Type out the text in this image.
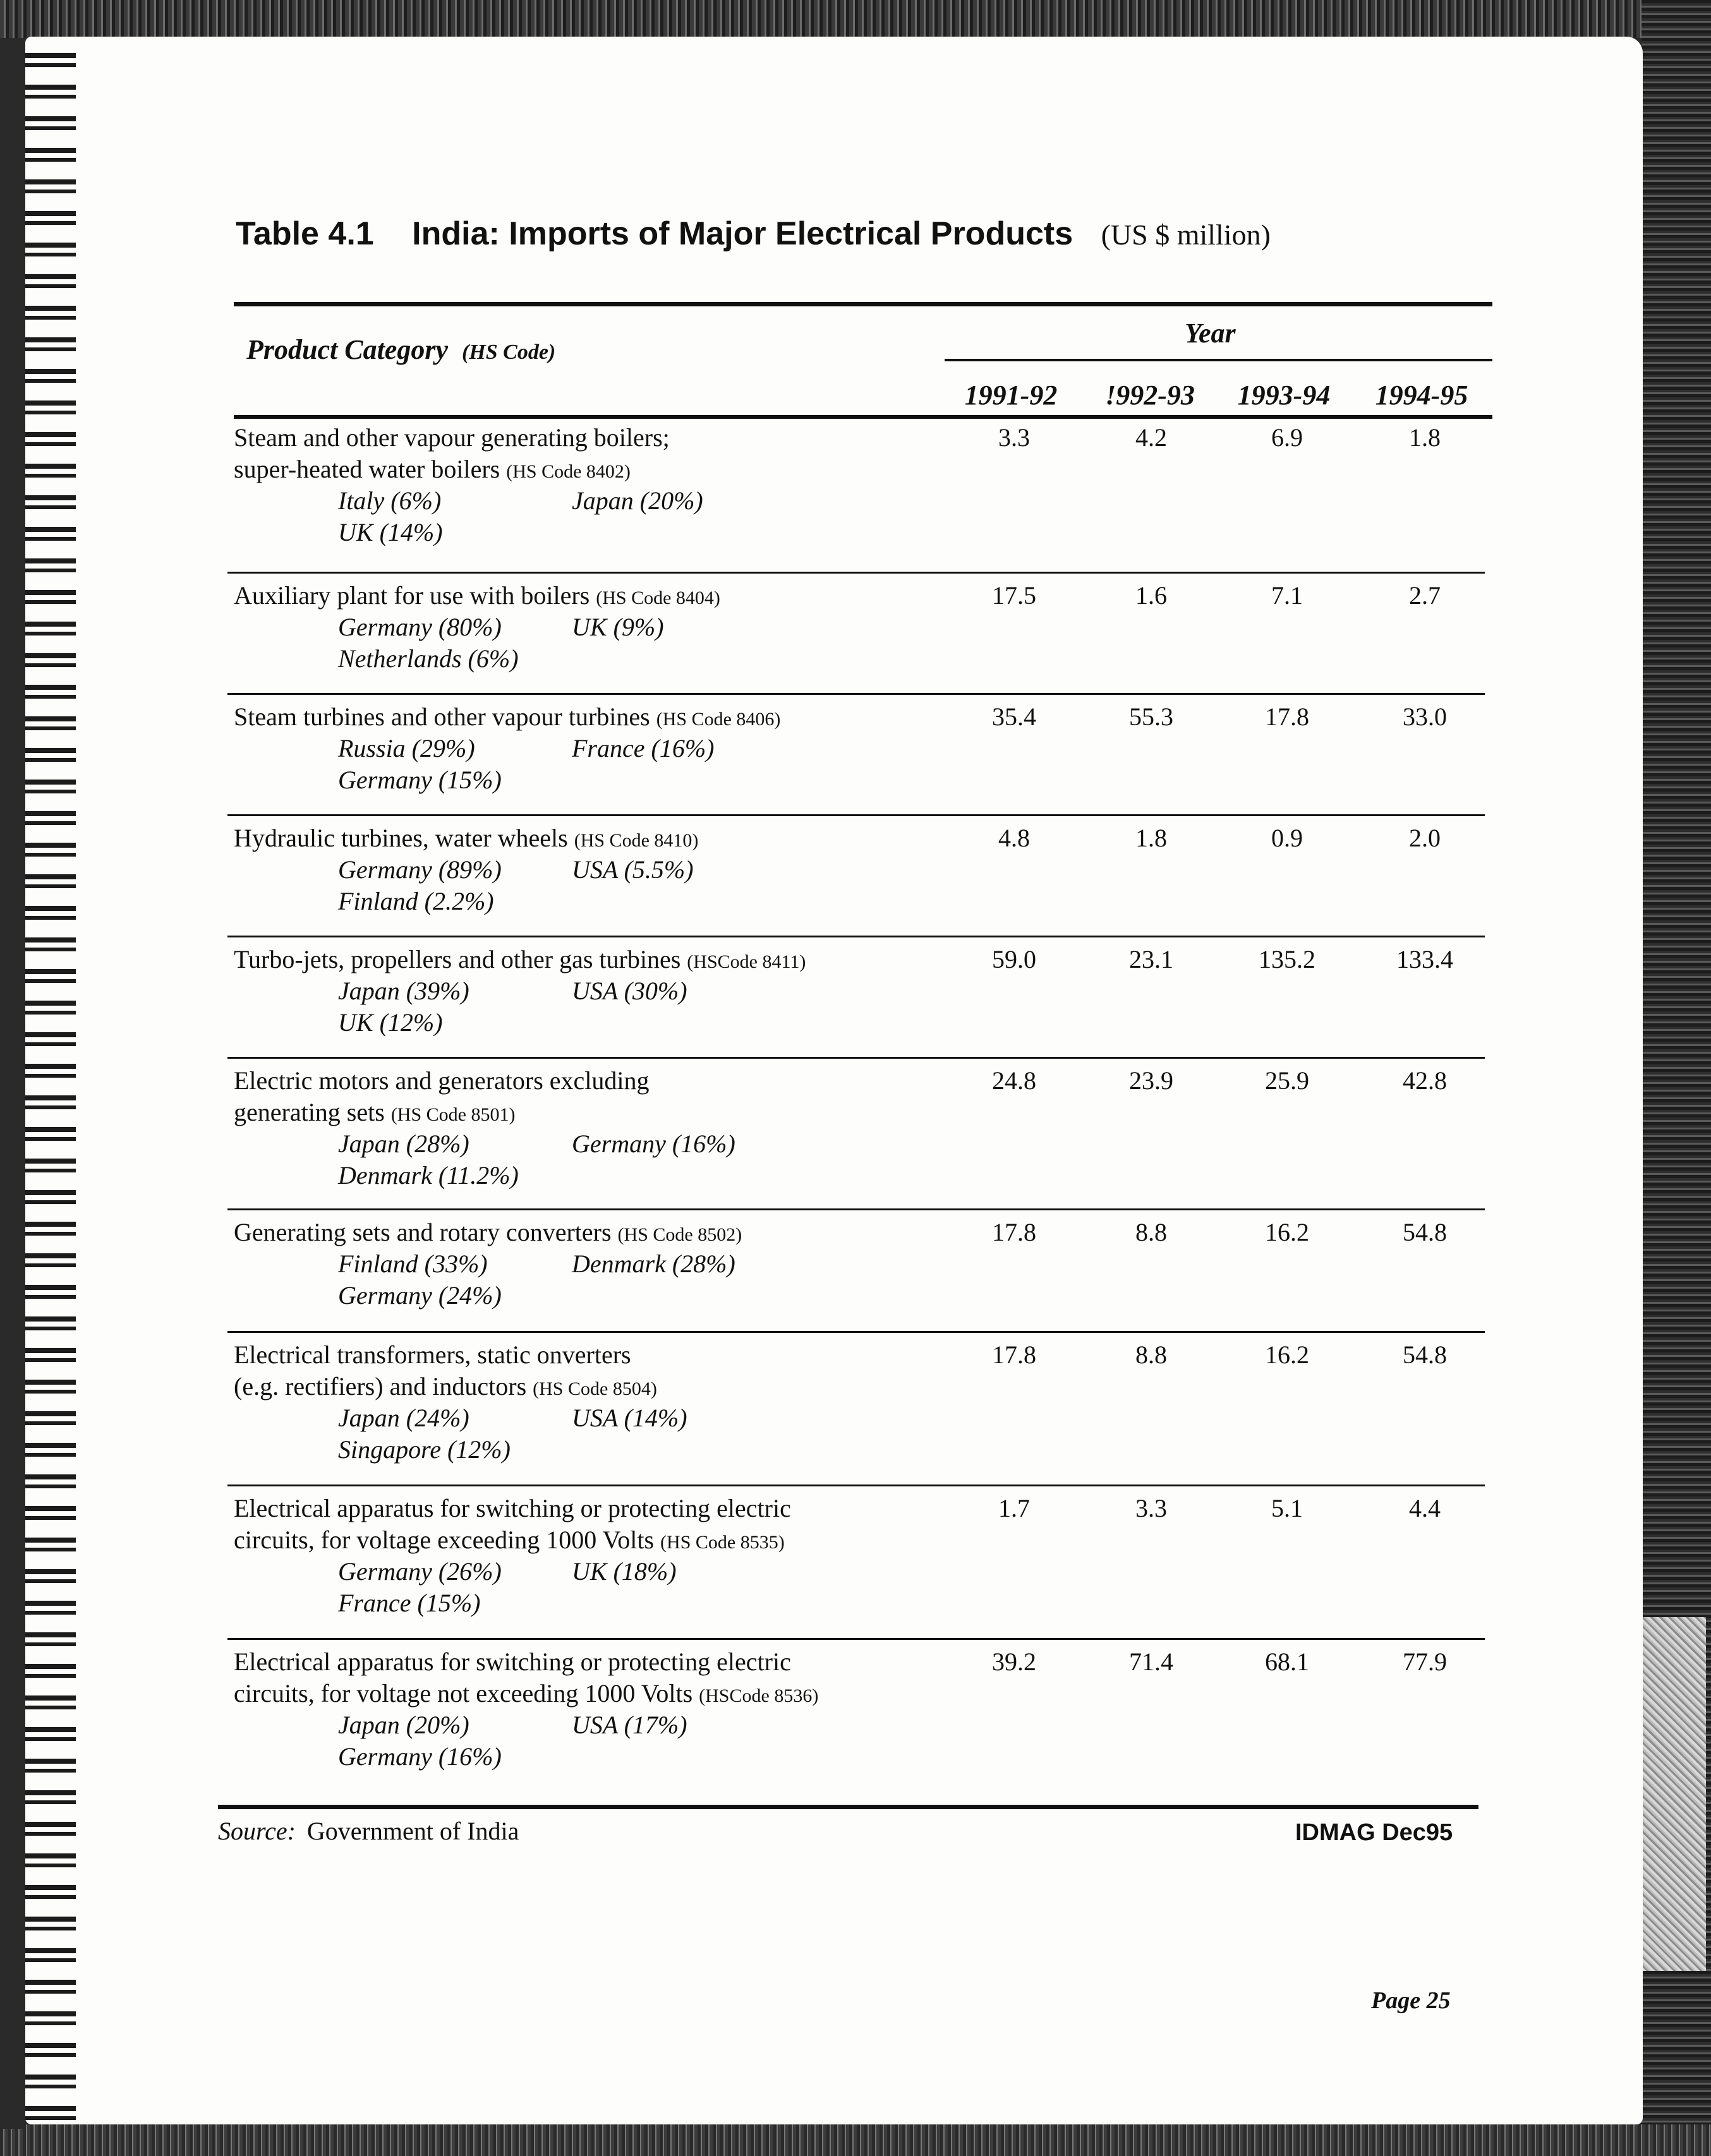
Table 4.1 India: Imports of Major Electrical Products (US $ million)
Product Category (HS Code)
Year
1991-92 !992-93 1993-94 1994-95
Steam and other vapour generating boilers;
super-heated water boilers (HS Code 8402)
Italy (6%)	Japan (20%)
UK (14%)
3.3	4.2	6.9	1.8
Auxiliary plant for use with boilers (HS Code 8404)
Germany (80%)	UK (9%)
Netherlands (6%)
17.5	1.6	7.1	2.7
Steam turbines and other vapour turbines (HS Code 8406)
Russia (29%)	France (16%)
Germany (15%)
35.4	55.3	17.8	33.0
Hydraulic turbines, water wheels (HS Code 8410)
Germany (89%)	USA (5.5%)
Finland (2.2%)
4.8	1.8	0.9	2.0
Turbo-jets, propellers and other gas turbines (HSCode 8411)
Japan (39%)	USA (30%)
UK (12%)
59.0	23.1	135.2	133.4
Electric motors and generators excluding
generating sets (HS Code 8501)
Japan (28%)	Germany (16%)
Denmark (11.2%)
24.8	23.9	25.9	42.8
Generating sets and rotary converters (HS Code 8502)
Finland (33%)	Denmark (28%)
Germany (24%)
17.8	8.8	16.2	54.8
Electrical transformers, static onverters
(e.g. rectifiers) and inductors (HS Code 8504)
Japan (24%)	USA (14%)
Singapore (12%)
17.8	8.8	16.2	54.8
Electrical apparatus for switching or protecting electric
circuits, for voltage exceeding 1000 Volts (HS Code 8535)
Germany (26%)	UK (18%)
France (15%)
1.7	3.3	5.1	4.4
Electrical apparatus for switching or protecting electric
circuits, for voltage not exceeding 1000 Volts (HSCode 8536)
Japan (20%)	USA (17%)
Germany (16%)
39.2	71.4	68.1	77.9
Source: Government of India	IDMAG Dec95
Page 25
